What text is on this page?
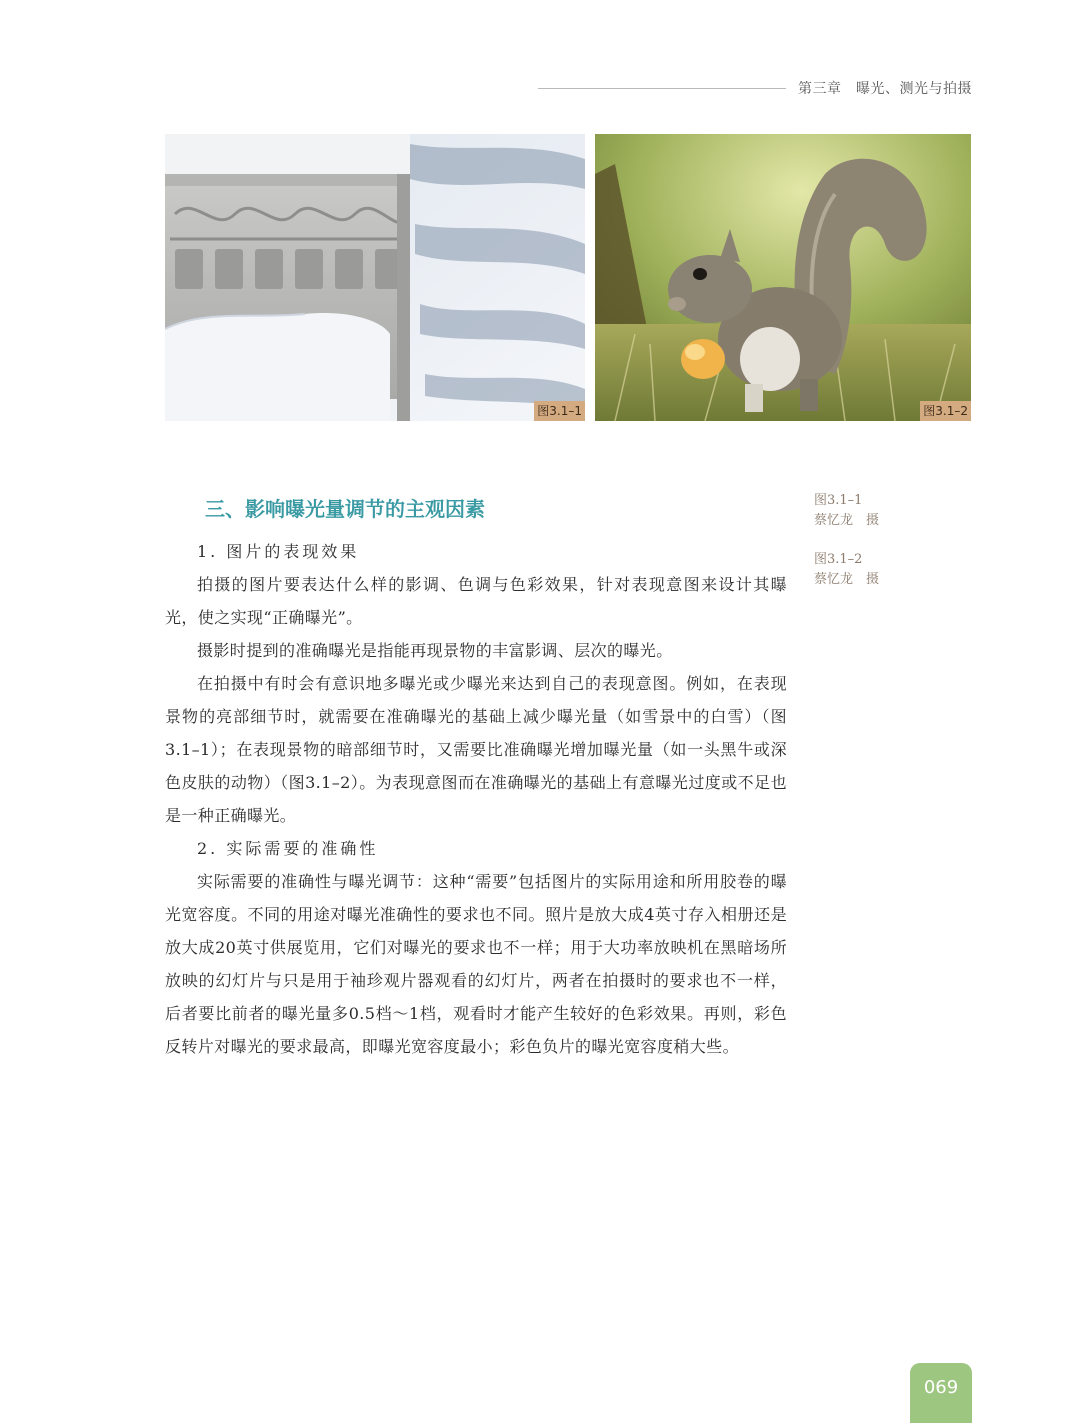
第三章　曝光、测光与拍摄
图3.1–1	图3.1–2
图3.1–1
蔡忆龙　摄
图3.1–2
蔡忆龙　摄
三、影响曝光量调节的主观因素

1. 图片的表现效果

拍摄的图片要表达什么样的影调、色调与色彩效果，针对表现意图来设计其曝光，使之实现“正确曝光”。

摄影时提到的准确曝光是指能再现景物的丰富影调、层次的曝光。

在拍摄中有时会有意识地多曝光或少曝光来达到自己的表现意图。例如，在表现景物的亮部细节时，就需要在准确曝光的基础上减少曝光量（如雪景中的白雪）（图3.1–1）；在表现景物的暗部细节时，又需要比准确曝光增加曝光量（如一头黑牛或深色皮肤的动物）（图3.1–2）。为表现意图而在准确曝光的基础上有意曝光过度或不足也是一种正确曝光。

2. 实际需要的准确性

实际需要的准确性与曝光调节：这种“需要”包括图片的实际用途和所用胶卷的曝光宽容度。不同的用途对曝光准确性的要求也不同。照片是放大成4英寸存入相册还是放大成20英寸供展览用，它们对曝光的要求也不一样；用于大功率放映机在黑暗场所放映的幻灯片与只是用于袖珍观片器观看的幻灯片，两者在拍摄时的要求也不一样，后者要比前者的曝光量多0.5档～1档，观看时才能产生较好的色彩效果。再则，彩色反转片对曝光的要求最高，即曝光宽容度最小；彩色负片的曝光宽容度稍大些。

069
